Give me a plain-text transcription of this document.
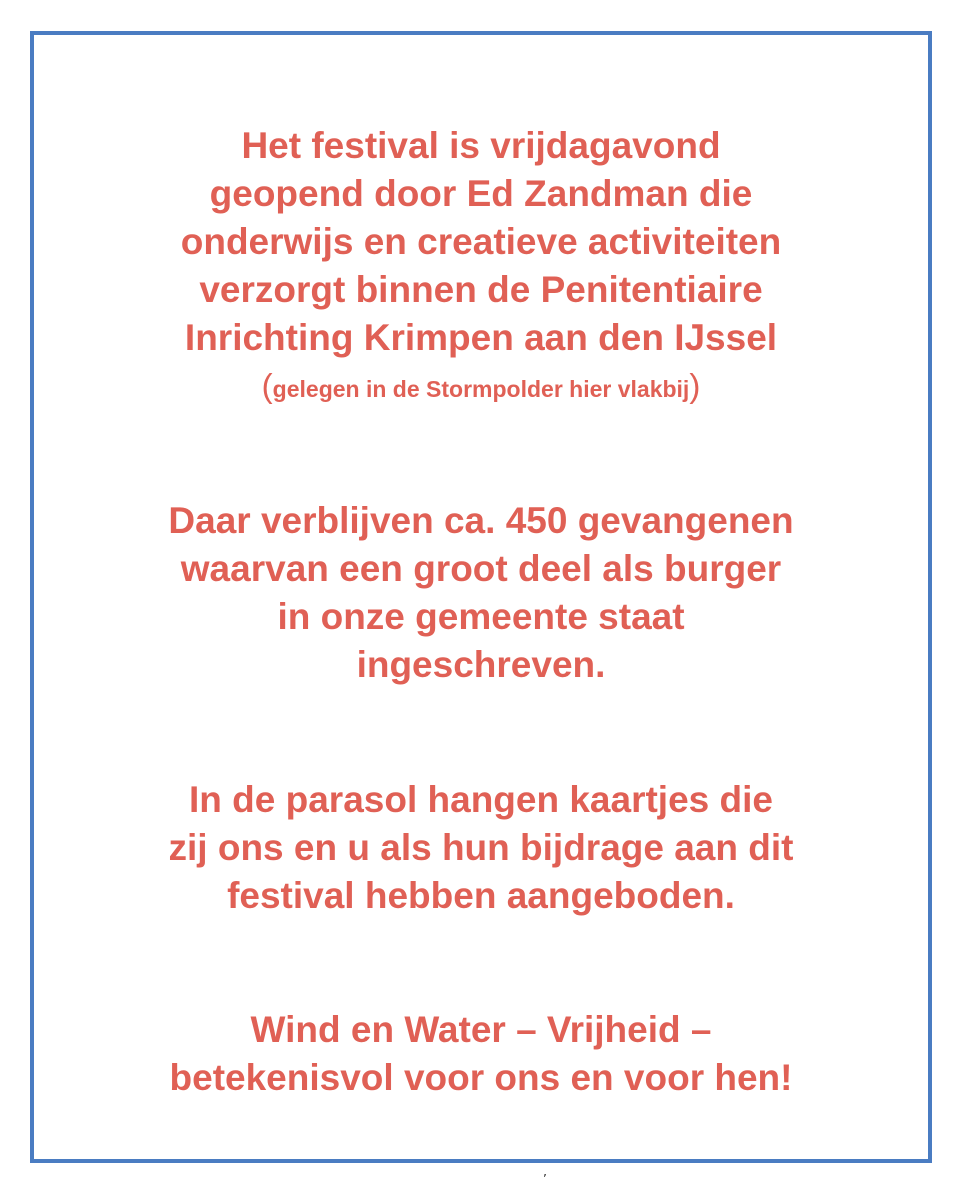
Het festival is vrijdagavond
geopend door Ed Zandman die
onderwijs en creatieve activiteiten
verzorgt binnen de Penitentiaire
Inrichting Krimpen aan den IJssel
(gelegen in de Stormpolder hier vlakbij)
Daar verblijven ca. 450 gevangenen
waarvan een groot deel als burger
in onze gemeente staat
ingeschreven.
In de parasol hangen kaartjes die
zij ons en u als hun bijdrage aan dit
festival hebben aangeboden.
Wind en Water – Vrijheid –
betekenisvol voor ons en voor hen!
’
